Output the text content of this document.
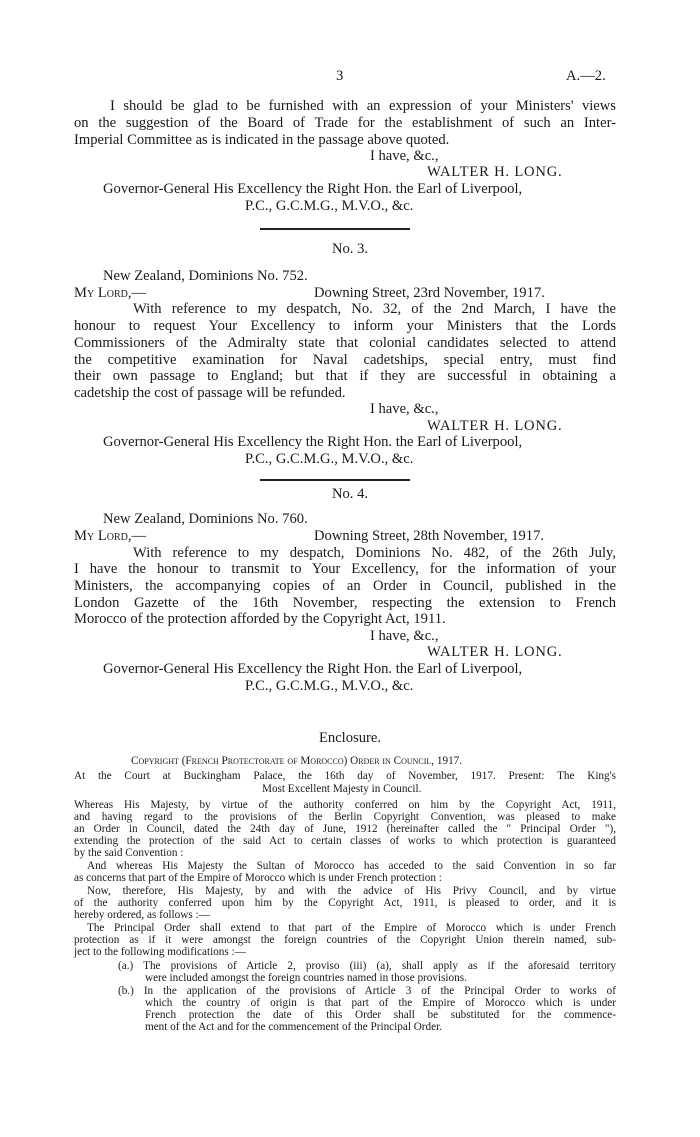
3	A.—2.
I should be glad to be furnished with an expression of your Ministers' views
on the suggestion of the Board of Trade for the establishment of such an Inter-
Imperial Committee as is indicated in the passage above quoted.
I have, &c.,
WALTER H. LONG.
Governor-General His Excellency the Right Hon. the Earl of Liverpool,
P.C., G.C.M.G., M.V.O., &c.
No. 3.
New Zealand, Dominions No. 752.
My Lord,—	Downing Street, 23rd November, 1917.
With reference to my despatch, No. 32, of the 2nd March, I have the
honour to request Your Excellency to inform your Ministers that the Lords
Commissioners of the Admiralty state that colonial candidates selected to attend
the competitive examination for Naval cadetships, special entry, must find
their own passage to England; but that if they are successful in obtaining a
cadetship the cost of passage will be refunded.
I have, &c.,
WALTER H. LONG.
Governor-General His Excellency the Right Hon. the Earl of Liverpool,
P.C., G.C.M.G., M.V.O., &c.
No. 4.
New Zealand, Dominions No. 760.
My Lord,—	Downing Street, 28th November, 1917.
With reference to my despatch, Dominions No. 482, of the 26th July,
I have the honour to transmit to Your Excellency, for the information of your
Ministers, the accompanying copies of an Order in Council, published in the
London Gazette of the 16th November, respecting the extension to French
Morocco of the protection afforded by the Copyright Act, 1911.
I have, &c.,
WALTER H. LONG.
Governor-General His Excellency the Right Hon. the Earl of Liverpool,
P.C., G.C.M.G., M.V.O., &c.
Enclosure.
Copyright (French Protectorate of Morocco) Order in Council, 1917.
At the Court at Buckingham Palace, the 16th day of November, 1917. Present: The King's
Most Excellent Majesty in Council.
Whereas His Majesty, by virtue of the authority conferred on him by the Copyright Act, 1911,
and having regard to the provisions of the Berlin Copyright Convention, was pleased to make
an Order in Council, dated the 24th day of June, 1912 (hereinafter called the " Principal Order "),
extending the protection of the said Act to certain classes of works to which protection is guaranteed
by the said Convention :
And whereas His Majesty the Sultan of Morocco has acceded to the said Convention in so far
as concerns that part of the Empire of Morocco which is under French protection :
Now, therefore, His Majesty, by and with the advice of His Privy Council, and by virtue
of the authority conferred upon him by the Copyright Act, 1911, is pleased to order, and it is
hereby ordered, as follows :—
The Principal Order shall extend to that part of the Empire of Morocco which is under French
protection as if it were amongst the foreign countries of the Copyright Union therein named, sub-
ject to the following modifications :—
(a.) The provisions of Article 2, proviso (iii) (a), shall apply as if the aforesaid territory
were included amongst the foreign countries named in those provisions.
(b.) In the application of the provisions of Article 3 of the Principal Order to works of
which the country of origin is that part of the Empire of Morocco which is under
French protection the date of this Order shall be substituted for the commence-
ment of the Act and for the commencement of the Principal Order.
